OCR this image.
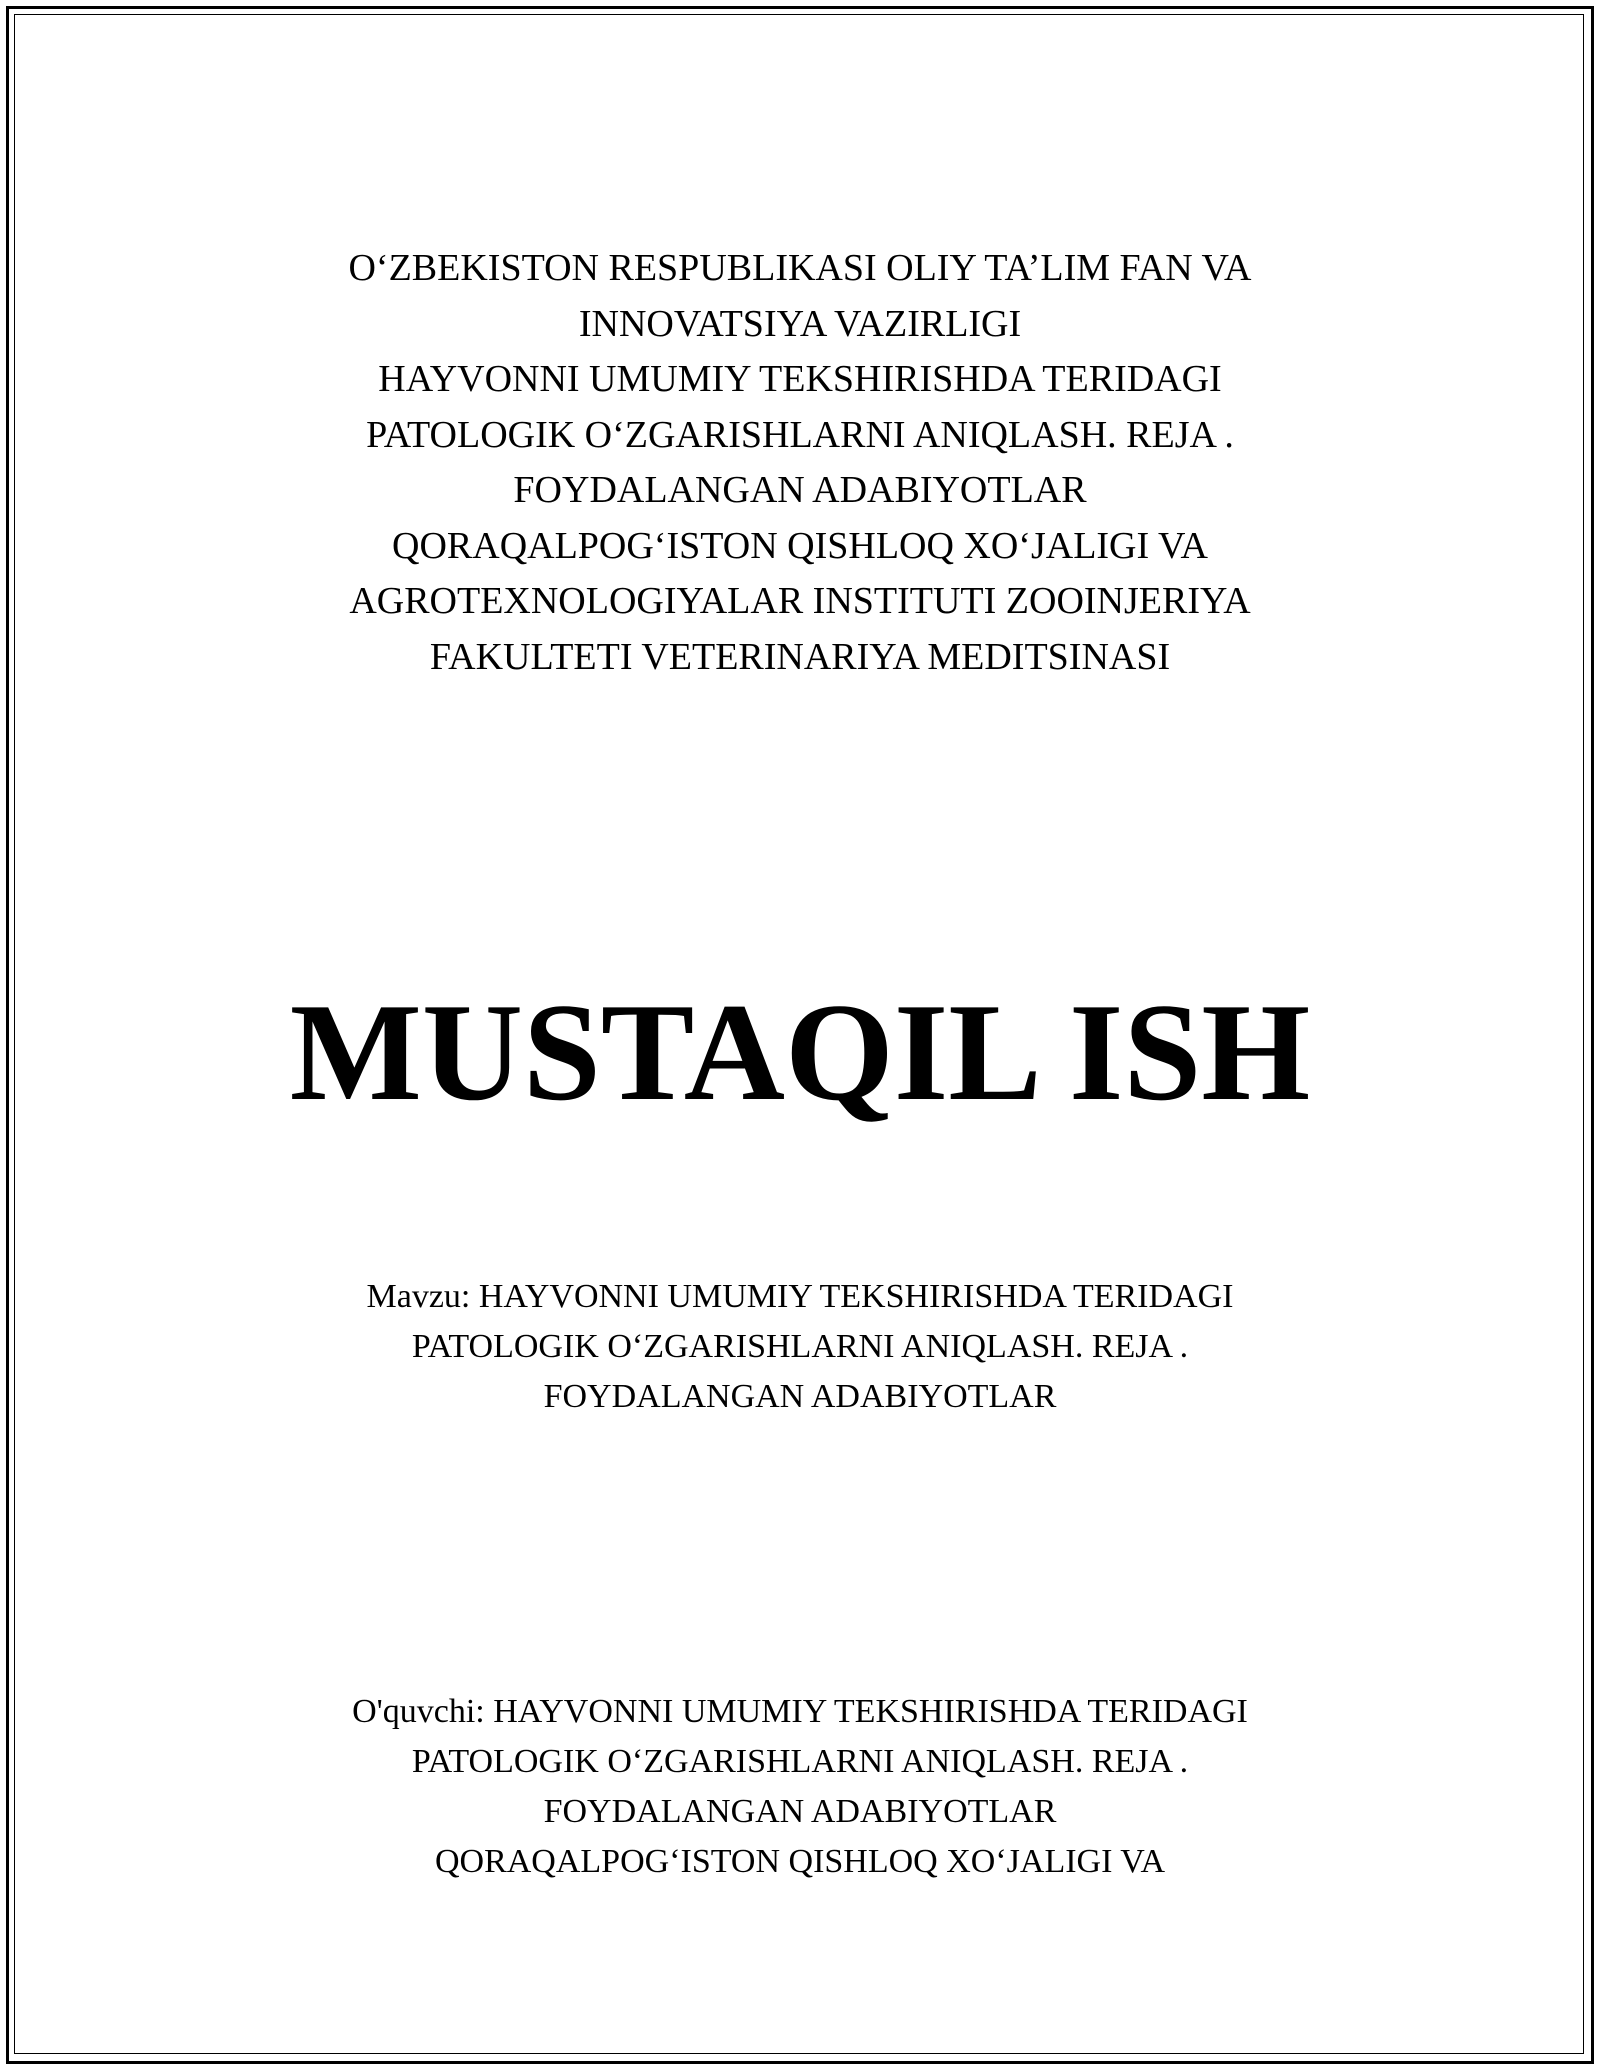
O‘ZBEKISTON RESPUBLIKASI OLIY TA’LIM FAN VA
INNOVATSIYA VAZIRLIGI
HAYVONNI UMUMIY TEKSHIRISHDA TERIDAGI
PATOLOGIK O‘ZGARISHLARNI ANIQLASH. REJA .
FOYDALANGAN ADABIYOTLAR
QORAQALPOG‘ISTON QISHLOQ XO‘JALIGI VA
AGROTEXNOLOGIYALAR INSTITUTI ZOOINJERIYA
FAKULTETI VETERINARIYA MEDITSINASI
MUSTAQIL ISH
Mavzu: HAYVONNI UMUMIY TEKSHIRISHDA TERIDAGI
PATOLOGIK O‘ZGARISHLARNI ANIQLASH. REJA .
FOYDALANGAN ADABIYOTLAR
O'quvchi: HAYVONNI UMUMIY TEKSHIRISHDA TERIDAGI
PATOLOGIK O‘ZGARISHLARNI ANIQLASH. REJA .
FOYDALANGAN ADABIYOTLAR
QORAQALPOG‘ISTON QISHLOQ XO‘JALIGI VA
